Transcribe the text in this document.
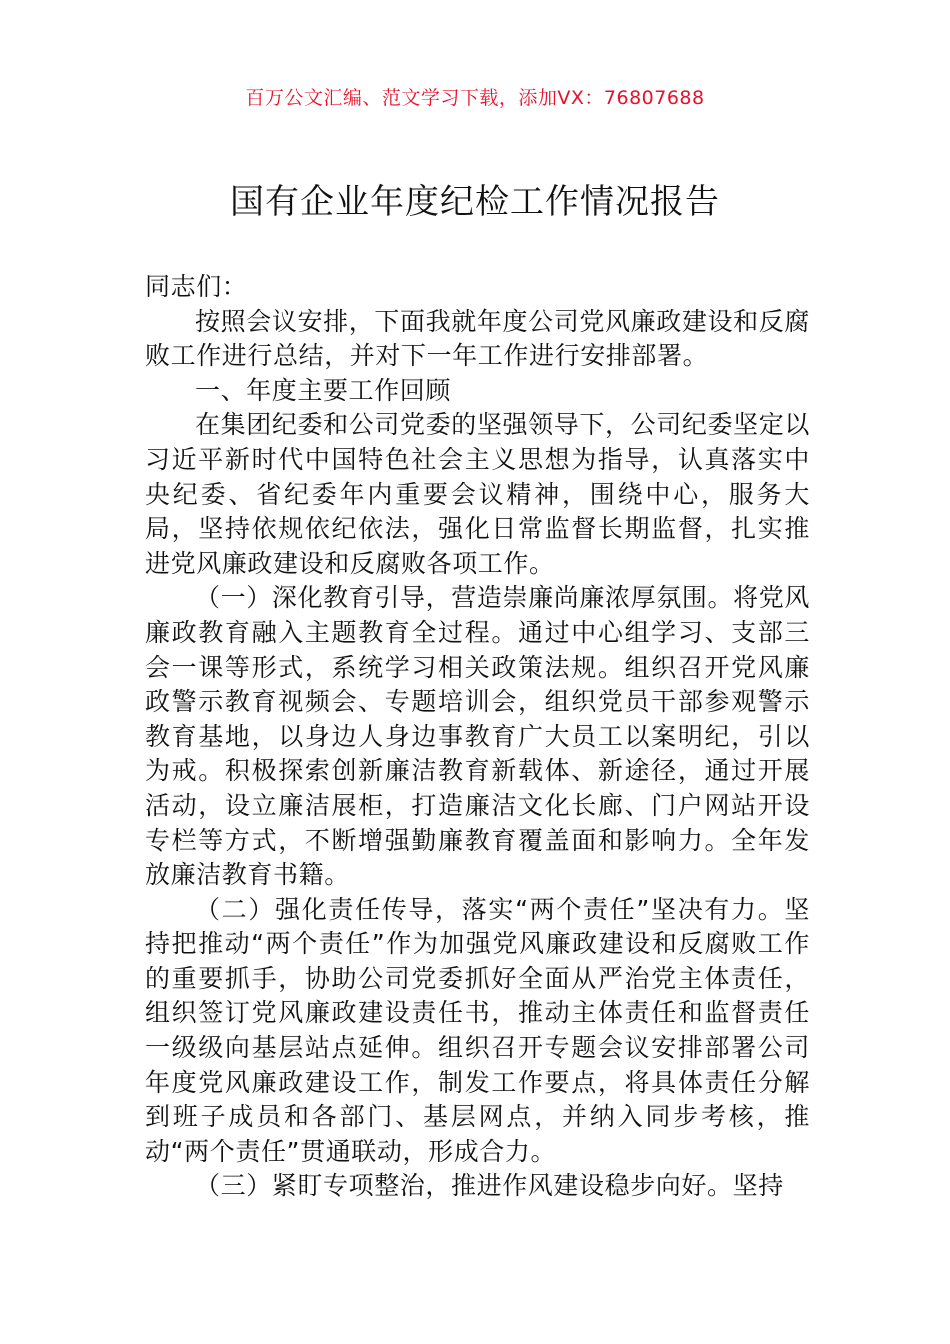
百万公文汇编、范文学习下载，添加VX：76807688
国有企业年度纪检工作情况报告

同志们：

按照会议安排，下面我就年度公司党风廉政建设和反腐败工作进行总结，并对下一年工作进行安排部署。

一、年度主要工作回顾

在集团纪委和公司党委的坚强领导下，公司纪委坚定以习近平新时代中国特色社会主义思想为指导，认真落实中央纪委、省纪委年内重要会议精神，围绕中心，服务大局，坚持依规依纪依法，强化日常监督长期监督，扎实推进党风廉政建设和反腐败各项工作。

（一）深化教育引导，营造崇廉尚廉浓厚氛围。将党风廉政教育融入主题教育全过程。通过中心组学习、支部三会一课等形式，系统学习相关政策法规。组织召开党风廉政警示教育视频会、专题培训会，组织党员干部参观警示教育基地，以身边人身边事教育广大员工以案明纪，引以为戒。积极探索创新廉洁教育新载体、新途径，通过开展活动，设立廉洁展柜，打造廉洁文化长廊、门户网站开设专栏等方式，不断增强勤廉教育覆盖面和影响力。全年发放廉洁教育书籍。

（二）强化责任传导，落实“两个责任”坚决有力。坚持把推动“两个责任”作为加强党风廉政建设和反腐败工作的重要抓手，协助公司党委抓好全面从严治党主体责任，组织签订党风廉政建设责任书，推动主体责任和监督责任一级级向基层站点延伸。组织召开专题会议安排部署公司年度党风廉政建设工作，制发工作要点，将具体责任分解到班子成员和各部门、基层网点，并纳入同步考核，推动“两个责任”贯通联动，形成合力。

（三）紧盯专项整治，推进作风建设稳步向好。坚持
